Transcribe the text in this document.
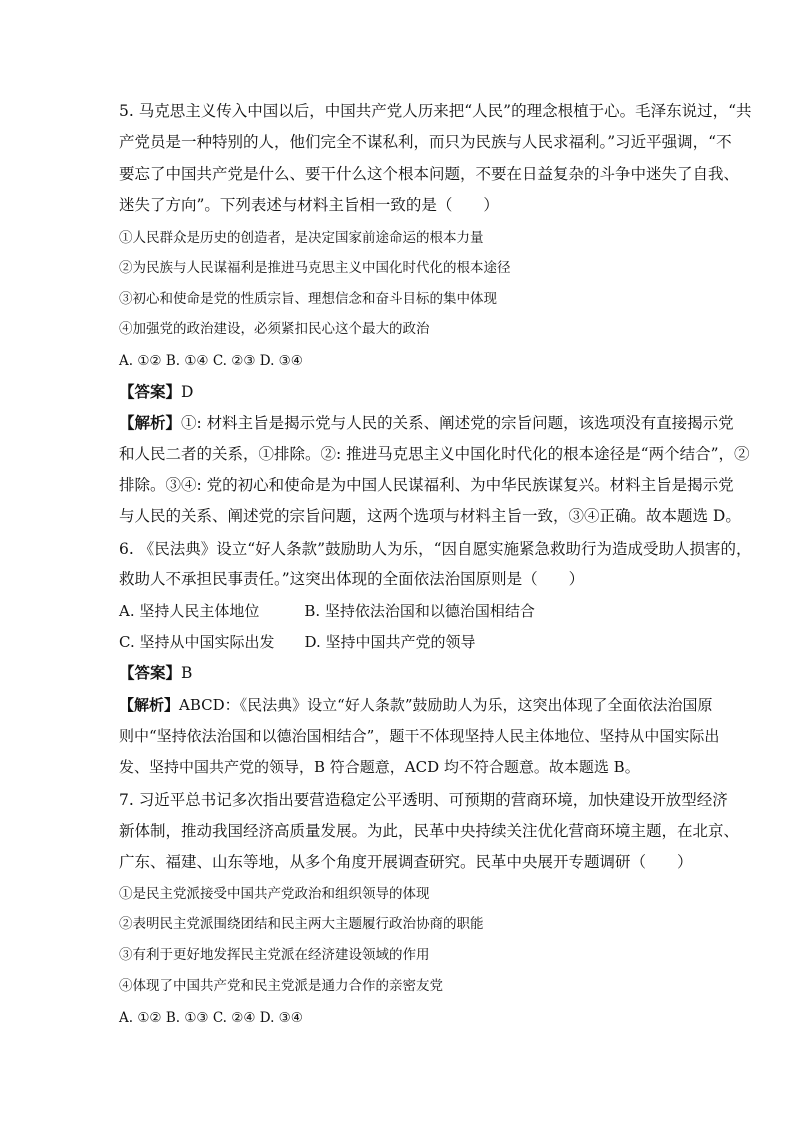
5. 马克思主义传入中国以后，中国共产党人历来把“人民”的理念根植于心。毛泽东说过，“共
产党员是一种特别的人，他们完全不谋私利，而只为民族与人民求福利。”习近平强调，“不
要忘了中国共产党是什么、要干什么这个根本问题，不要在日益复杂的斗争中迷失了自我、
迷失了方向”。下列表述与材料主旨相一致的是（　　）
①人民群众是历史的创造者，是决定国家前途命运的根本力量
②为民族与人民谋福利是推进马克思主义中国化时代化的根本途径
③初心和使命是党的性质宗旨、理想信念和奋斗目标的集中体现
④加强党的政治建设，必须紧扣民心这个最大的政治
A. ①② B. ①④ C. ②③ D. ③④
【答案】D
【解析】①: 材料主旨是揭示党与人民的关系、阐述党的宗旨问题，该选项没有直接揭示党
和人民二者的关系，①排除。②: 推进马克思主义中国化时代化的根本途径是“两个结合”，②
排除。③④: 党的初心和使命是为中国人民谋福利、为中华民族谋复兴。材料主旨是揭示党
与人民的关系、阐述党的宗旨问题，这两个选项与材料主旨一致，③④正确。故本题选 D。
6. 《民法典》设立“好人条款”鼓励助人为乐，“因自愿实施紧急救助行为造成受助人损害的，
救助人不承担民事责任。”这突出体现的全面依法治国原则是（　　）
A. 坚持人民主体地位　　　B. 坚持依法治国和以德治国相结合
C. 坚持从中国实际出发　　D. 坚持中国共产党的领导
【答案】B
【解析】ABCD：《民法典》设立“好人条款”鼓励助人为乐，这突出体现了全面依法治国原
则中“坚持依法治国和以德治国相结合”，题干不体现坚持人民主体地位、坚持从中国实际出
发、坚持中国共产党的领导，B 符合题意，ACD 均不符合题意。故本题选 B。
7. 习近平总书记多次指出要营造稳定公平透明、可预期的营商环境，加快建设开放型经济
新体制，推动我国经济高质量发展。为此，民革中央持续关注优化营商环境主题，在北京、
广东、福建、山东等地，从多个角度开展调查研究。民革中央展开专题调研（　　）
①是民主党派接受中国共产党政治和组织领导的体现
②表明民主党派围绕团结和民主两大主题履行政治协商的职能
③有利于更好地发挥民主党派在经济建设领域的作用
④体现了中国共产党和民主党派是通力合作的亲密友党
A. ①② B. ①③ C. ②④ D. ③④
